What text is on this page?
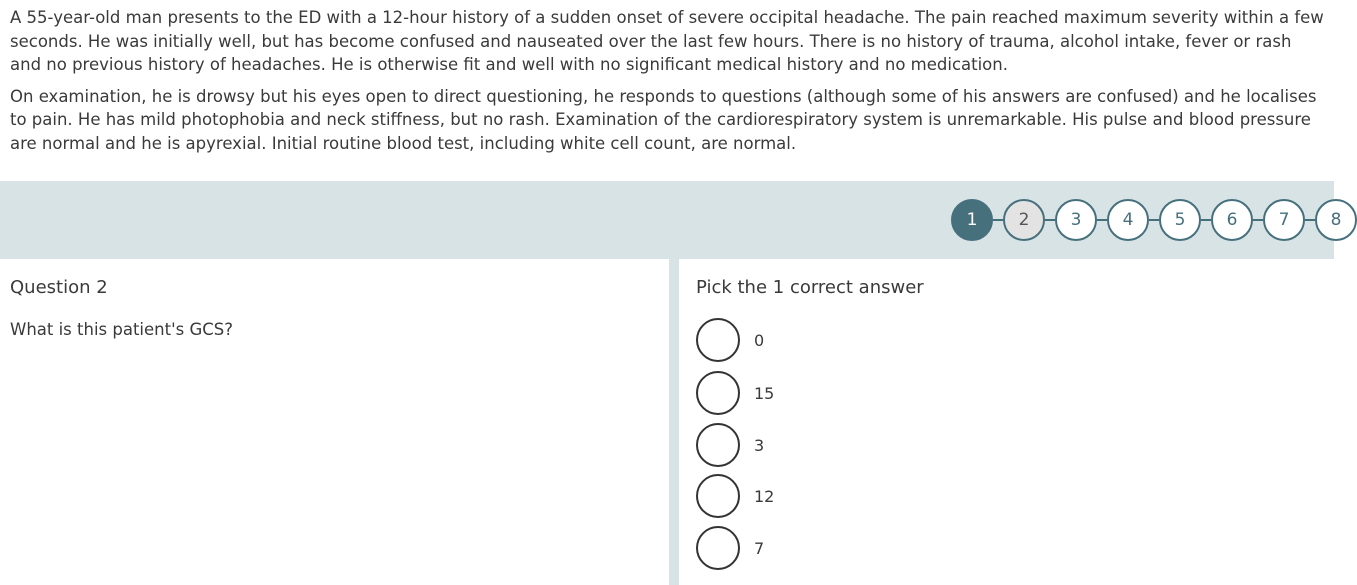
A 55-year-old man presents to the ED with a 12-hour history of a sudden onset of severe occipital headache. The pain reached maximum severity within a few seconds. He was initially well, but has become confused and nauseated over the last few hours. There is no history of trauma, alcohol intake, fever or rash and no previous history of headaches. He is otherwise fit and well with no significant medical history and no medication.

On examination, he is drowsy but his eyes open to direct questioning, he responds to questions (although some of his answers are confused) and he localises to pain. He has mild photophobia and neck stiffness, but no rash. Examination of the cardiorespiratory system is unremarkable. His pulse and blood pressure are normal and he is apyrexial. Initial routine blood test, including white cell count, are normal.

1	2	3	4	5	6	7	8
Question 2
What is this patient's GCS?
Pick the 1 correct answer
0
15
3
12
7
